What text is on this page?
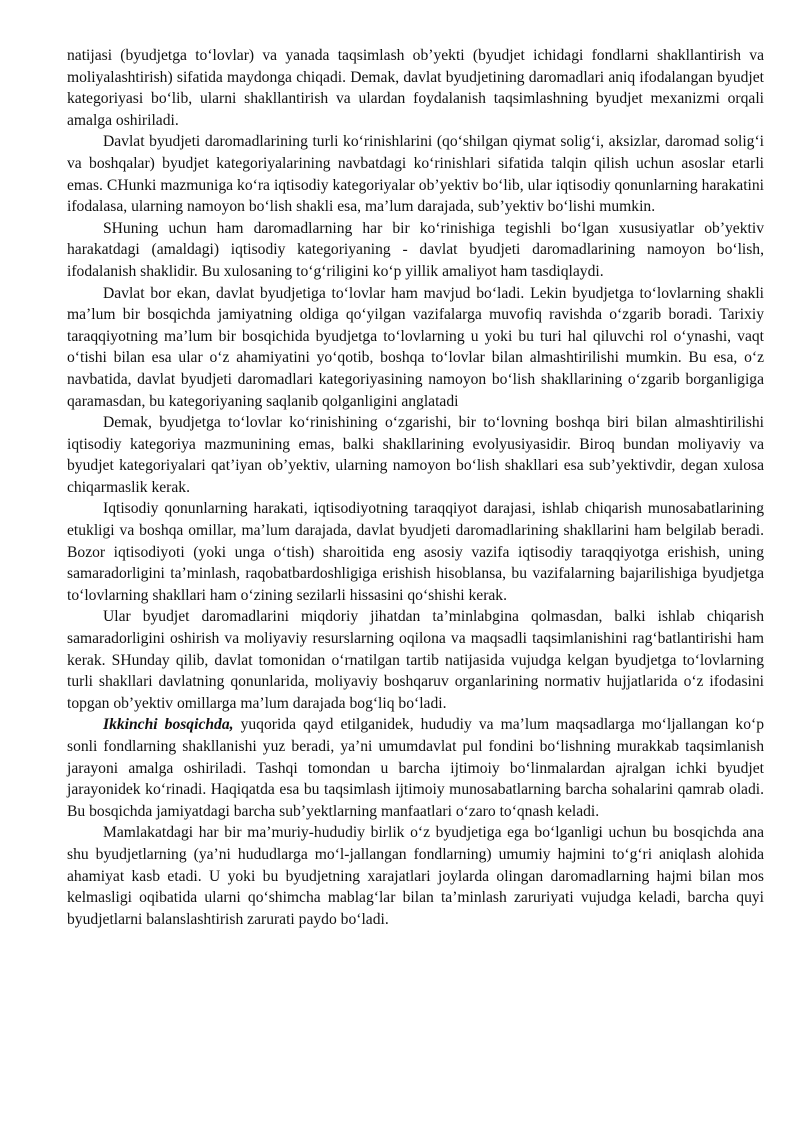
natijasi (byudjetga to‘lovlar) va yanada taqsimlash ob’yekti (byudjet ichidagi fondlarni shakllantirish va moliyalashtirish) sifatida maydonga chiqadi. Demak, davlat byudjetining daromadlari aniq ifodalangan byudjet kategoriyasi bo‘lib, ularni shakllantirish va ulardan foydalanish taqsimlashning byudjet mexanizmi orqali amalga oshiriladi.

Davlat byudjeti daromadlarining turli ko‘rinishlarini (qo‘shilgan qiymat solig‘i, aksizlar, daromad solig‘i va boshqalar) byudjet kategoriyalarining navbatdagi ko‘rinishlari sifatida talqin qilish uchun asoslar etarli emas. CHunki mazmuniga ko‘ra iqtisodiy kategoriyalar ob’yektiv bo‘lib, ular iqtisodiy qonunlarning harakatini ifodalasa, ularning namoyon bo‘lish shakli esa, ma’lum darajada, sub’yektiv bo‘lishi mumkin.

SHuning uchun ham daromadlarning har bir ko‘rinishiga tegishli bo‘lgan xususiyatlar ob’yektiv harakatdagi (amaldagi) iqtisodiy kategoriyaning - davlat byudjeti daromadlarining namoyon bo‘lish, ifodalanish shaklidir. Bu xulosaning to‘g‘riligini ko‘p yillik amaliyot ham tasdiqlaydi.

Davlat bor ekan, davlat byudjetiga to‘lovlar ham mavjud bo‘ladi. Lekin byudjetga to‘lovlarning shakli ma’lum bir bosqichda jamiyatning oldiga qo‘yilgan vazifalarga muvofiq ravishda o‘zgarib boradi. Tarixiy taraqqiyotning ma’lum bir bosqichida byudjetga to‘lovlarning u yoki bu turi hal qiluvchi rol o‘ynashi, vaqt o‘tishi bilan esa ular o‘z ahamiyatini yo‘qotib, boshqa to‘lovlar bilan almashtirilishi mumkin. Bu esa, o‘z navbatida, davlat byudjeti daromadlari kategoriyasining namoyon bo‘lish shakllarining o‘zgarib borganligiga qaramasdan, bu kategoriyaning saqlanib qolganligini anglatadi

Demak, byudjetga to‘lovlar ko‘rinishining o‘zgarishi, bir to‘lovning boshqa biri bilan almashtirilishi iqtisodiy kategoriya mazmunining emas, balki shakllarining evolyusiyasidir. Biroq bundan moliyaviy va byudjet kategoriyalari qat’iyan ob’yektiv, ularning namoyon bo‘lish shakllari esa sub’yektivdir, degan xulosa chiqarmaslik kerak.

Iqtisodiy qonunlarning harakati, iqtisodiyotning taraqqiyot darajasi, ishlab chiqarish munosabatlarining etukligi va boshqa omillar, ma’lum darajada, davlat byudjeti daromadlarining shakllarini ham belgilab beradi. Bozor iqtisodiyoti (yoki unga o‘tish) sharoitida eng asosiy vazifa iqtisodiy taraqqiyotga erishish, uning samaradorligini ta’minlash, raqobatbardoshligiga erishish hisoblansa, bu vazifalarning bajarilishiga byudjetga to‘lovlarning shakllari ham o‘zining sezilarli hissasini qo‘shishi kerak.

Ular byudjet daromadlarini miqdoriy jihatdan ta’minlabgina qolmasdan, balki ishlab chiqarish samaradorligini oshirish va moliyaviy resurslarning oqilona va maqsadli taqsimlanishini rag‘batlantirishi ham kerak. SHunday qilib, davlat tomonidan o‘rnatilgan tartib natijasida vujudga kelgan byudjetga to‘lovlarning turli shakllari davlatning qonunlarida, moliyaviy boshqaruv organlarining normativ hujjatlarida o‘z ifodasini topgan ob’yektiv omillarga ma’lum darajada bog‘liq bo‘ladi.

Ikkinchi bosqichda, yuqorida qayd etilganidek, hududiy va ma’lum maqsadlarga mo‘ljallangan ko‘p sonli fondlarning shakllanishi yuz beradi, ya’ni umumdavlat pul fondini bo‘lishning murakkab taqsimlanish jarayoni amalga oshiriladi. Tashqi tomondan u barcha ijtimoiy bo‘linmalardan ajralgan ichki byudjet jarayonidek ko‘rinadi. Haqiqatda esa bu taqsimlash ijtimoiy munosabatlarning barcha sohalarini qamrab oladi. Bu bosqichda jamiyatdagi barcha sub’yektlarning manfaatlari o‘zaro to‘qnash keladi.

Mamlakatdagi har bir ma’muriy-hududiy birlik o‘z byudjetiga ega bo‘lganligi uchun bu bosqichda ana shu byudjetlarning (ya’ni hududlarga mo‘l-jallangan fondlarning) umumiy hajmini to‘g‘ri aniqlash alohida ahamiyat kasb etadi. U yoki bu byudjetning xarajatlari joylarda olingan daromadlarning hajmi bilan mos kelmasligi oqibatida ularni qo‘shimcha mablag‘lar bilan ta’minlash zaruriyati vujudga keladi, barcha quyi byudjetlarni balanslashtirish zarurati paydo bo‘ladi.
